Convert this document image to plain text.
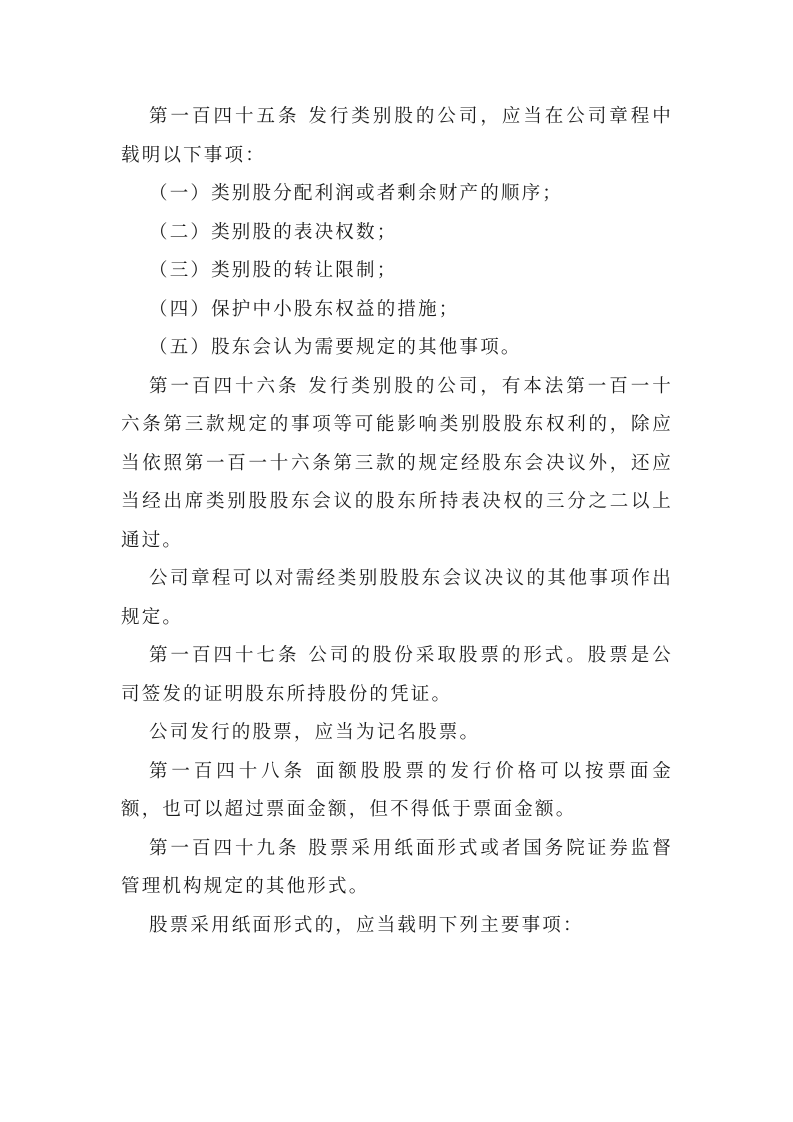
第一百四十五条 发行类别股的公司，应当在公司章程中载明以下事项：

（一）类别股分配利润或者剩余财产的顺序；

（二）类别股的表决权数；

（三）类别股的转让限制；

（四）保护中小股东权益的措施；

（五）股东会认为需要规定的其他事项。

第一百四十六条 发行类别股的公司，有本法第一百一十六条第三款规定的事项等可能影响类别股股东权利的，除应当依照第一百一十六条第三款的规定经股东会决议外，还应当经出席类别股股东会议的股东所持表决权的三分之二以上通过。

公司章程可以对需经类别股股东会议决议的其他事项作出规定。

第一百四十七条 公司的股份采取股票的形式。股票是公司签发的证明股东所持股份的凭证。

公司发行的股票，应当为记名股票。

第一百四十八条 面额股股票的发行价格可以按票面金额，也可以超过票面金额，但不得低于票面金额。

第一百四十九条 股票采用纸面形式或者国务院证券监督管理机构规定的其他形式。

股票采用纸面形式的，应当载明下列主要事项：
